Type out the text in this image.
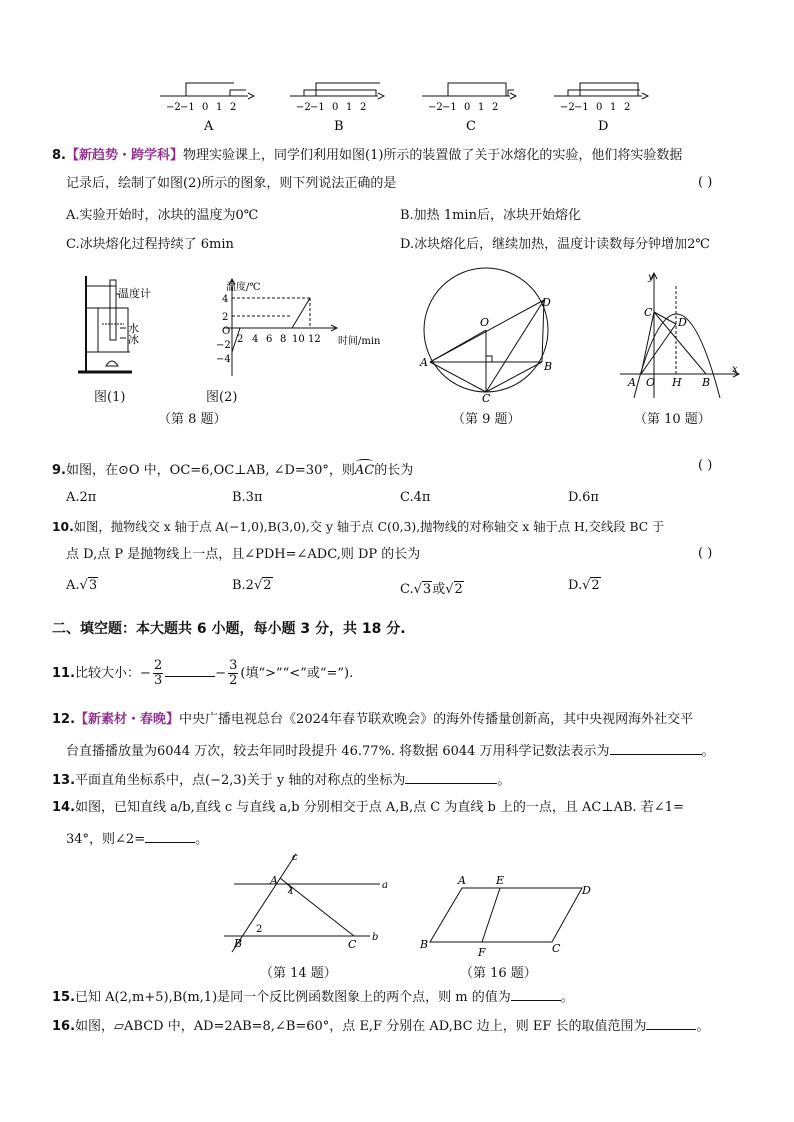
−2 −1 0 1 2
A
−2 −1 0 1 2
B
−2 −1 0 1 2
C
−2 −1 0 1 2
D
8.【新趋势・跨学科】物理实验课上，同学们利用如图(1)所示的装置做了关于冰熔化的实验，他们将实验数据
记录后，绘制了如图(2)所示的图象，则下列说法正确的是	( )
A.实验开始时，冰块的温度为0℃	B.加热 1min后，冰块开始熔化
C.冰块熔化过程持续了 6min	D.冰块熔化后，继续加热，温度计读数每分钟增加2℃
温度计
水
冰
图(1)
温度/℃
时间/min
4
2
O
−2
−4
2 4 6 8 10 12
图(2)
（第 8 题）
O
D
A	B
C
（第 9 题）
y
C
D
A O H B
x
（第 10 题）
9.如图，在⊙O 中，OC=6,OC⊥AB, ∠D=30°，则
AC的长为	( )
A.2π	B.3π	C.4π	D.6π
10.如图，抛物线交 x 轴于点 A(−1,0),B(3,0),交 y 轴于点 C(0,3),抛物线的对称轴交 x 轴于点 H,交线段 BC 于
点 D,点 P 是抛物线上一点，且∠PDH=∠ADC,则 DP 的长为	( )
A.√3	B.2√2	C.√3或√2	D.√2
二、填空题：本大题共 6 小题，每小题 3 分，共 18 分.
11.比较大小：− $\frac{2}{3}$	− $\frac{3}{2}$ (填“>”“<”或“=”).
12.【新素材・春晚】中央广播电视总台《2024年春节联欢晚会》的海外传播量创新高，其中央视网海外社交平
台直播播放量为6044 万次，较去年同时段提升 46.77%. 将数据 6044 万用科学记数法表示为	。
13.平面直角坐标系中，点(−2,3)关于 y 轴的对称点的坐标为	。
14.如图，已知直线 a/b,直线 c 与直线 a,b 分别相交于点 A,B,点 C 为直线 b 上的一点，且 AC⊥AB. 若∠1=
34°，则∠2=	。
c
A
1
a
2
B	C
b
（第 14 题）
A	E
D
B
F	C
（第 16 题）
15.已知 A(2,m+5),B(m,1)是同一个反比例函数图象上的两个点，则 m 的值为	。
16.如图，▱ABCD 中，AD=2AB=8,∠B=60°，点 E,F 分别在 AD,BC 边上，则 EF 长的取值范围为	。
